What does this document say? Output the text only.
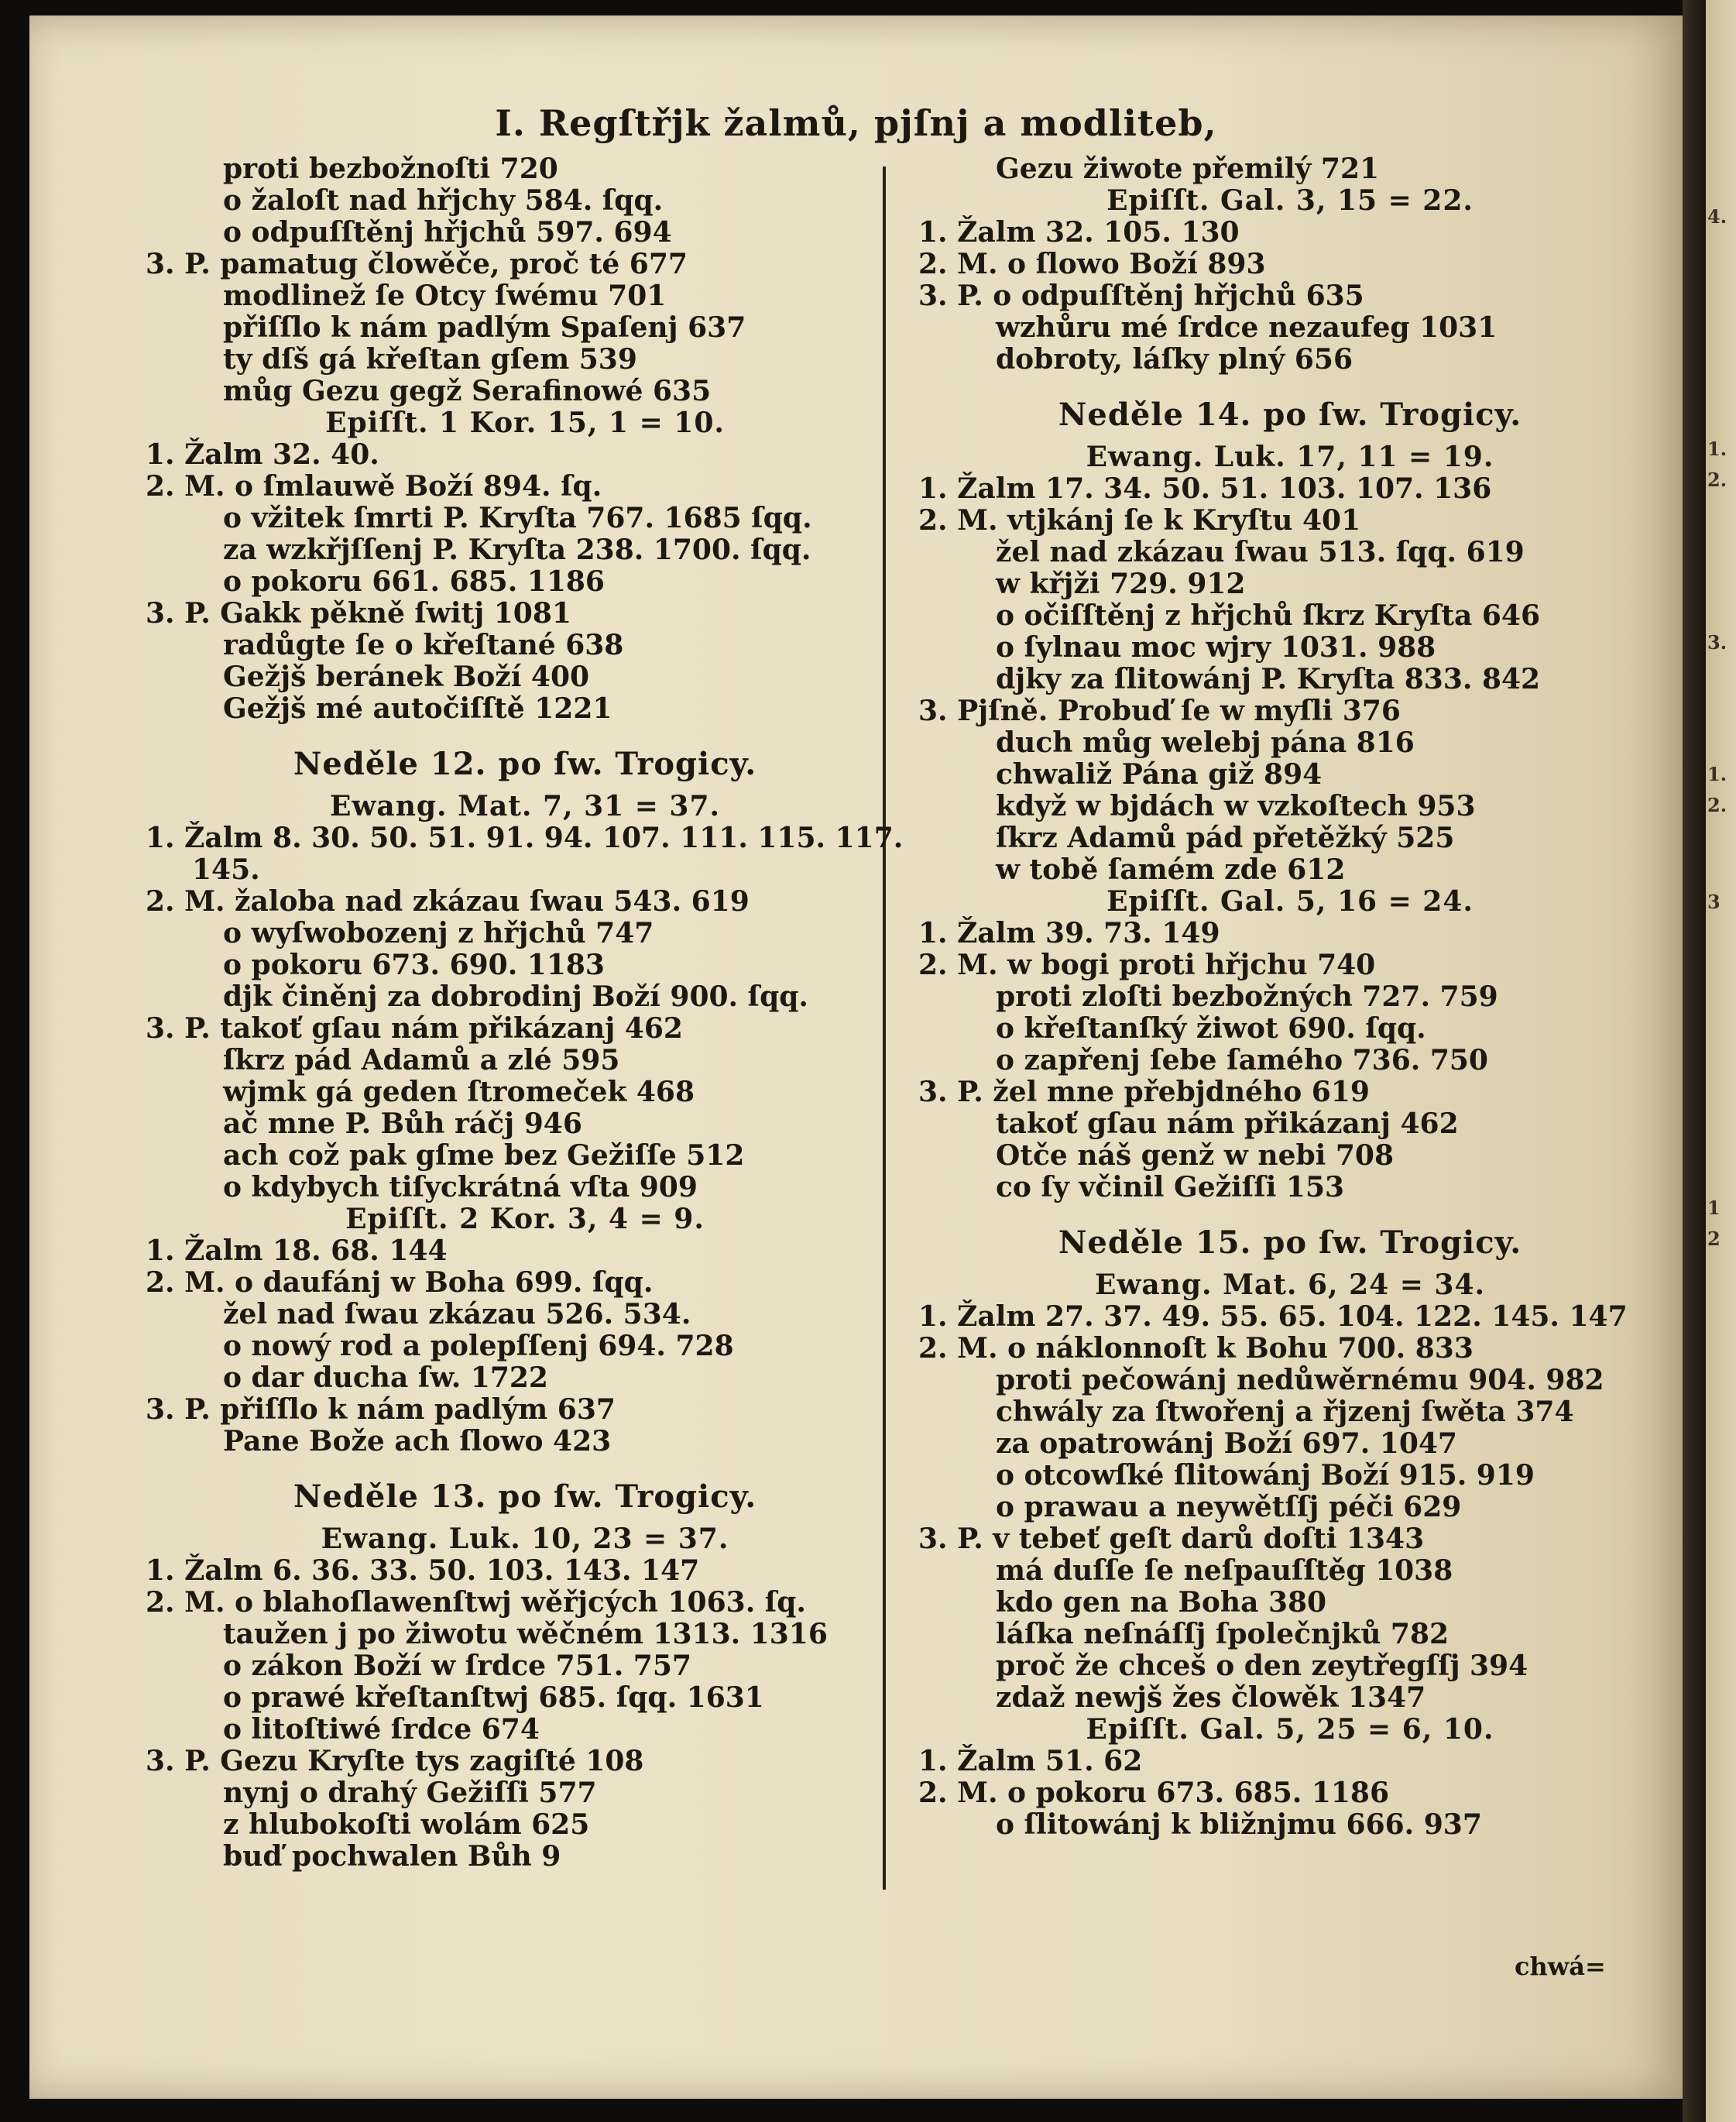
I. Regſtřjk žalmů, pjſnj a modliteb,
proti bezbožnoſti 720
o žaloſt nad hřjchy 584. ſqq.
o odpuſſtěnj hřjchů 597. 694
3. P. pamatug člowěče, proč té 677
modlinež ſe Otcy ſwému 701
přiſſlo k nám padlým Spaſenj 637
ty dſš gá křeſtan gſem 539
můg Gezu gegž Serafinowé 635
Epiſſt. 1 Kor. 15, 1 = 10.
1. Žalm 32. 40.
2. M. o ſmlauwě Boží 894. ſq.
o vžitek ſmrti P. Kryſta 767. 1685 ſqq.
za wzkřjſſenj P. Kryſta 238. 1700. ſqq.
o pokoru 661. 685. 1186
3. P. Gakk pěkně ſwitj 1081
radůgte ſe o křeſtané 638
Gežjš beránek Boží 400
Gežjš mé autočiſſtě 1221
Neděle 12. po ſw. Trogicy.
Ewang. Mat. 7, 31 = 37.
1. Žalm 8. 30. 50. 51. 91. 94. 107. 111. 115. 117.
145.
2. M. žaloba nad zkázau ſwau 543. 619
o wyſwobozenj z hřjchů 747
o pokoru 673. 690. 1183
djk činěnj za dobrodinj Boží 900. ſqq.
3. P. takoť gſau nám přikázanj 462
ſkrz pád Adamů a zlé 595
wjmk gá geden ſtromeček 468
ač mne P. Bůh ráčj 946
ach což pak gſme bez Gežiſſe 512
o kdybych tiſyckrátná vſta 909
Epiſſt. 2 Kor. 3, 4 = 9.
1. Žalm 18. 68. 144
2. M. o daufánj w Boha 699. ſqq.
žel nad ſwau zkázau 526. 534.
o nowý rod a polepſſenj 694. 728
o dar ducha ſw. 1722
3. P. přiſſlo k nám padlým 637
Pane Bože ach ſlowo 423
Neděle 13. po ſw. Trogicy.
Ewang. Luk. 10, 23 = 37.
1. Žalm 6. 36. 33. 50. 103. 143. 147
2. M. o blahoſlawenſtwj wěřjcých 1063. ſq.
taužen j po žiwotu wěčném 1313. 1316
o zákon Boží w ſrdce 751. 757
o prawé křeſtanſtwj 685. ſqq. 1631
o litoſtiwé ſrdce 674
3. P. Gezu Kryſte tys zagiſté 108
nynj o drahý Gežiſſi 577
z hlubokoſti wolám 625
buď pochwalen Bůh 9
Gezu žiwote přemilý 721
Epiſſt. Gal. 3, 15 = 22.
1. Žalm 32. 105. 130
2. M. o ſlowo Boží 893
3. P. o odpuſſtěnj hřjchů 635
wzhůru mé ſrdce nezaufeg 1031
dobroty, láſky plný 656
Neděle 14. po ſw. Trogicy.
Ewang. Luk. 17, 11 = 19.
1. Žalm 17. 34. 50. 51. 103. 107. 136
2. M. vtjkánj ſe k Kryſtu 401
žel nad zkázau ſwau 513. ſqq. 619
w křjži 729. 912
o očiſſtěnj z hřjchů ſkrz Kryſta 646
o ſylnau moc wjry 1031. 988
djky za ſlitowánj P. Kryſta 833. 842
3. Pjſně. Probuď ſe w myſli 376
duch můg welebj pána 816
chwaliž Pána giž 894
když w bjdách w vzkoſtech 953
ſkrz Adamů pád přetěžký 525
w tobě ſamém zde 612
Epiſſt. Gal. 5, 16 = 24.
1. Žalm 39. 73. 149
2. M. w bogi proti hřjchu 740
proti zloſti bezbožných 727. 759
o křeſtanſký žiwot 690. ſqq.
o zapřenj ſebe ſamého 736. 750
3. P. žel mne přebjdného 619
takoť gſau nám přikázanj 462
Otče náš genž w nebi 708
co ſy včinil Gežiſſi 153
Neděle 15. po ſw. Trogicy.
Ewang. Mat. 6, 24 = 34.
1. Žalm 27. 37. 49. 55. 65. 104. 122. 145. 147
2. M. o náklonnoſt k Bohu 700. 833
proti pečowánj nedůwěrnému 904. 982
chwály za ſtwořenj a řjzenj ſwěta 374
za opatrowánj Boží 697. 1047
o otcowſké ſlitowánj Boží 915. 919
o prawau a neywětſſj péči 629
3. P. v tebeť geſt darů doſti 1343
má duſſe ſe neſpauſſtěg 1038
kdo gen na Boha 380
láſka neſnáſſj ſpolečnjků 782
proč že chceš o den zeytřegſſj 394
zdaž newjš žes člowěk 1347
Epiſſt. Gal. 5, 25 = 6, 10.
1. Žalm 51. 62
2. M. o pokoru 673. 685. 1186
o ſlitowánj k bližnjmu 666. 937
chwá=
4.
1.
2.
3.
1.
2.
3
1
2
